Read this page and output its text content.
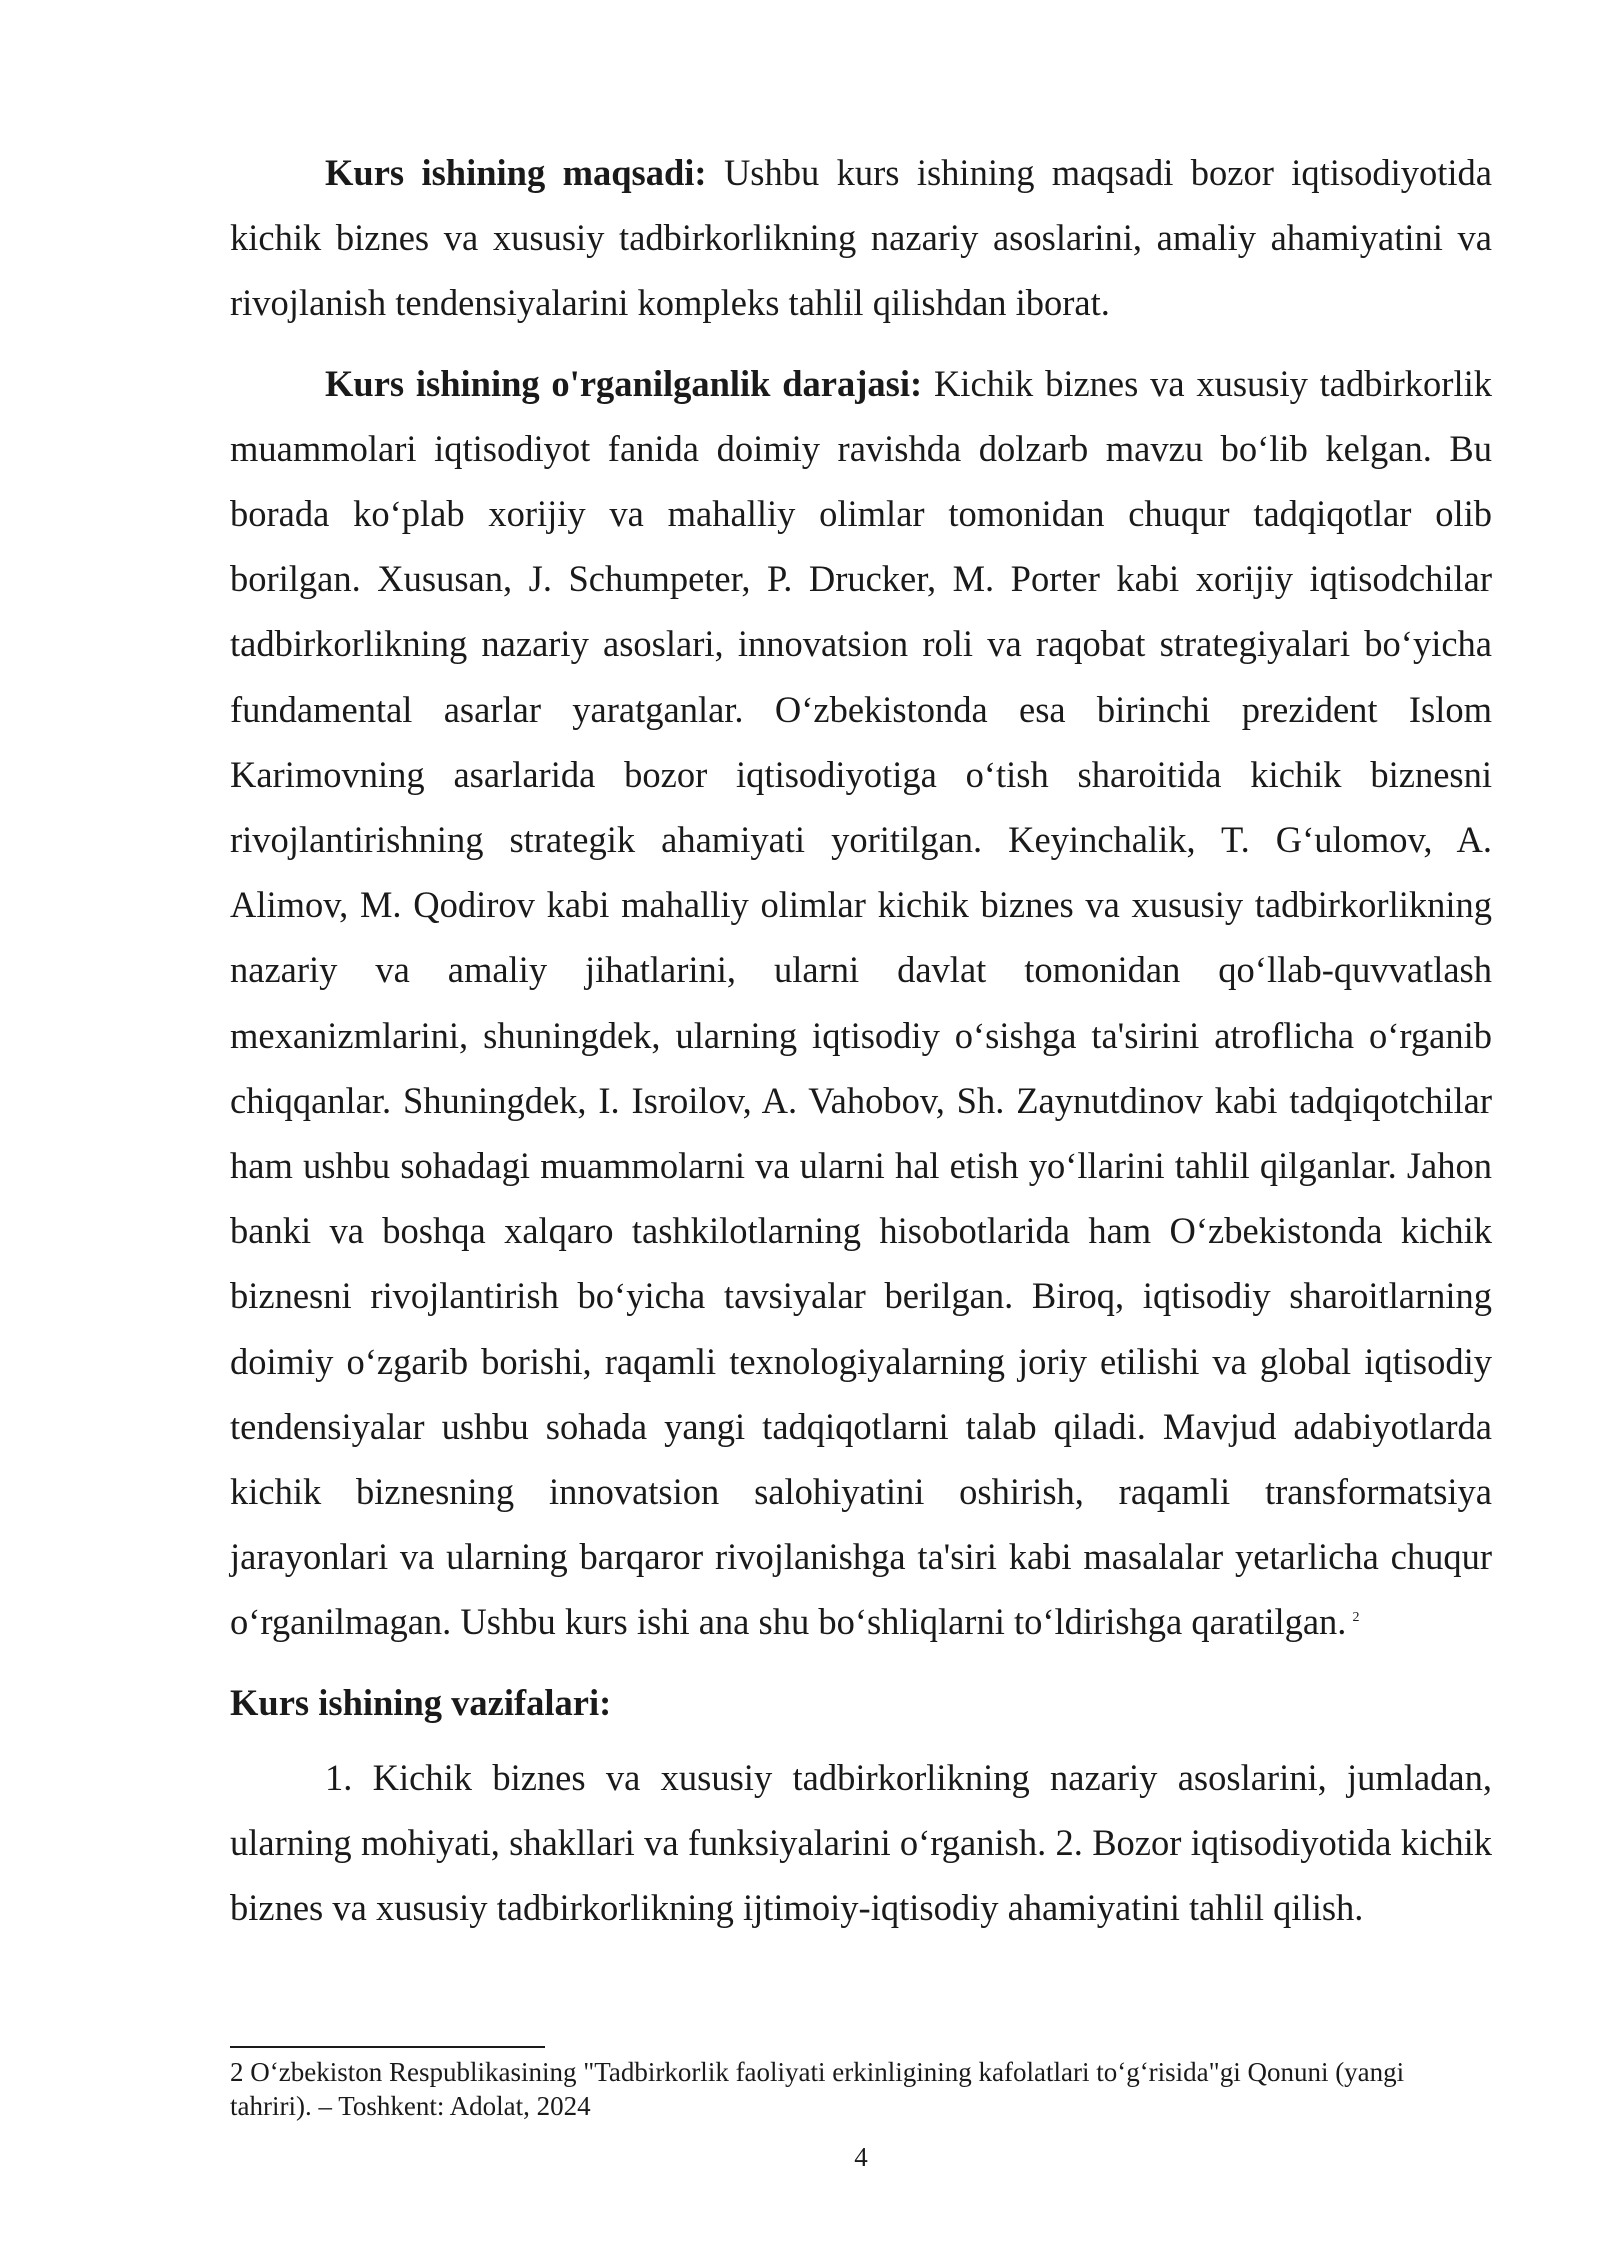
Kurs ishining maqsadi: Ushbu kurs ishining maqsadi bozor iqtisodiyotida kichik biznes va xususiy tadbirkorlikning nazariy asoslarini, amaliy ahamiyatini va rivojlanish tendensiyalarini kompleks tahlil qilishdan iborat.

Kurs ishining o'rganilganlik darajasi: Kichik biznes va xususiy tadbirkorlik muammolari iqtisodiyot fanida doimiy ravishda dolzarb mavzu bo‘lib kelgan. Bu borada ko‘plab xorijiy va mahalliy olimlar tomonidan chuqur tadqiqotlar olib borilgan. Xususan, J. Schumpeter, P. Drucker, M. Porter kabi xorijiy iqtisodchilar tadbirkorlikning nazariy asoslari, innovatsion roli va raqobat strategiyalari bo‘yicha fundamental asarlar yaratganlar. O‘zbekistonda esa birinchi prezident Islom Karimovning asarlarida bozor iqtisodiyotiga o‘tish sharoitida kichik biznesni rivojlantirishning strategik ahamiyati yoritilgan. Keyinchalik, T. G‘ulomov, A. Alimov, M. Qodirov kabi mahalliy olimlar kichik biznes va xususiy tadbirkorlikning nazariy va amaliy jihatlarini, ularni davlat tomonidan qo‘llab-quvvatlash mexanizmlarini, shuningdek, ularning iqtisodiy o‘sishga ta'sirini atroflicha o‘rganib chiqqanlar. Shuningdek, I. Isroilov, A. Vahobov, Sh. Zaynutdinov kabi tadqiqotchilar ham ushbu sohadagi muammolarni va ularni hal etish yo‘llarini tahlil qilganlar. Jahon banki va boshqa xalqaro tashkilotlarning hisobotlarida ham O‘zbekistonda kichik biznesni rivojlantirish bo‘yicha tavsiyalar berilgan. Biroq, iqtisodiy sharoitlarning doimiy o‘zgarib borishi, raqamli texnologiyalarning joriy etilishi va global iqtisodiy tendensiyalar ushbu sohada yangi tadqiqotlarni talab qiladi. Mavjud adabiyotlarda kichik biznesning innovatsion salohiyatini oshirish, raqamli transformatsiya jarayonlari va ularning barqaror rivojlanishga ta'siri kabi masalalar yetarlicha chuqur o‘rganilmagan. Ushbu kurs ishi ana shu bo‘shliqlarni to‘ldirishga qaratilgan. $^2$

Kurs ishining vazifalari:

1. Kichik biznes va xususiy tadbirkorlikning nazariy asoslarini, jumladan, ularning mohiyati, shakllari va funksiyalarini o‘rganish. 2. Bozor iqtisodiyotida kichik biznes va xususiy tadbirkorlikning ijtimoiy-iqtisodiy ahamiyatini tahlil qilish.

2 O‘zbekiston Respublikasining "Tadbirkorlik faoliyati erkinligining kafolatlari to‘g‘risida"gi Qonuni (yangi tahriri). – Toshkent: Adolat, 2024
4
